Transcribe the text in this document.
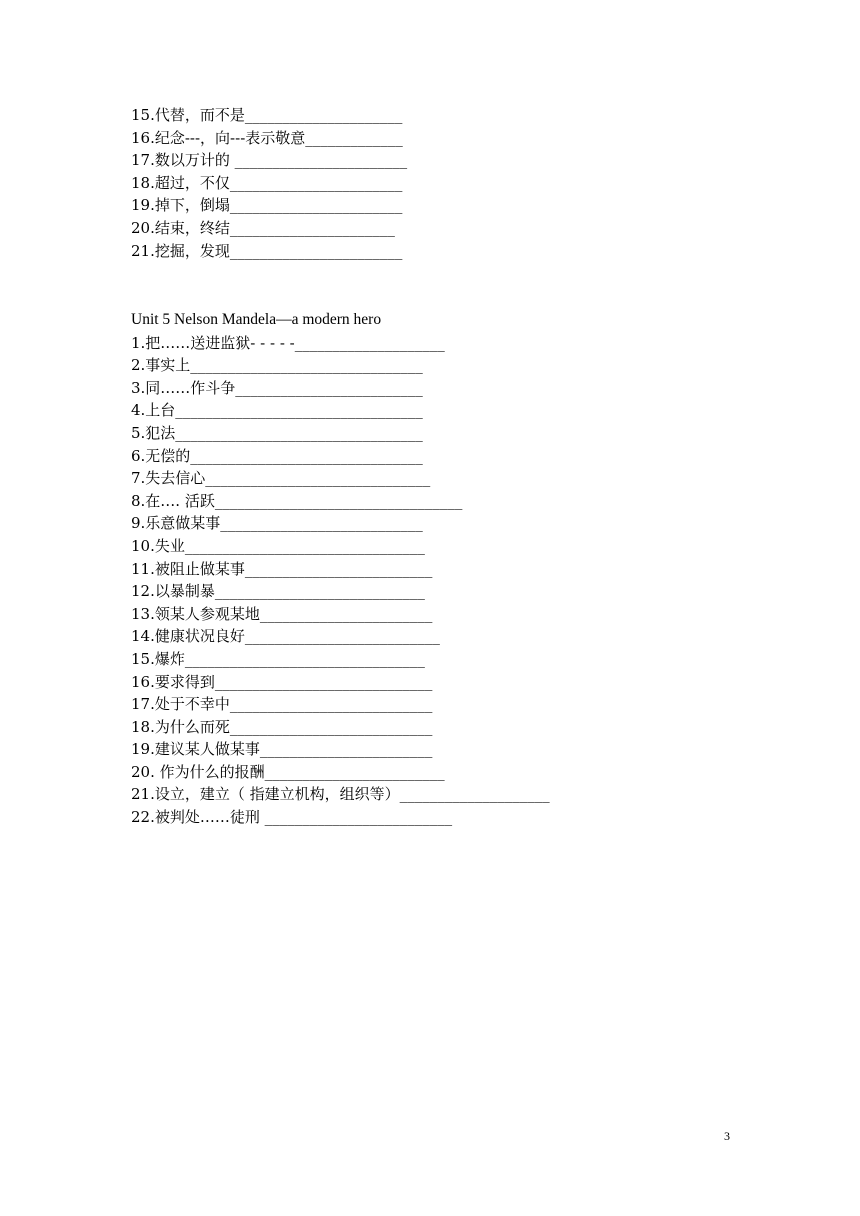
15.代替，而不是_____________________
16.纪念---，向---表示敬意_____________
17.数以万计的 _______________________
18.超过，不仅_______________________
19.掉下，倒塌_______________________
20.结束，终结______________________
21.挖掘，发现_______________________
Unit 5 Nelson Mandela—a modern hero
1.把……送进监狱- - - - -____________________
2.事实上_______________________________
3.同……作斗争_________________________
4.上台_________________________________
5.犯法_________________________________
6.无偿的_______________________________
7.失去信心______________________________
8.在…. 活跃_________________________________
9.乐意做某事___________________________
10.失业________________________________
11.被阻止做某事_________________________
12.以暴制暴____________________________
13.领某人参观某地_______________________
14.健康状况良好__________________________
15.爆炸________________________________
16.要求得到_____________________________
17.处于不幸中___________________________
18.为什么而死___________________________
19.建议某人做某事_______________________
20. 作为什么的报酬________________________
21.设立，建立（ 指建立机构，组织等）____________________
22.被判处……徒刑 _________________________
3
